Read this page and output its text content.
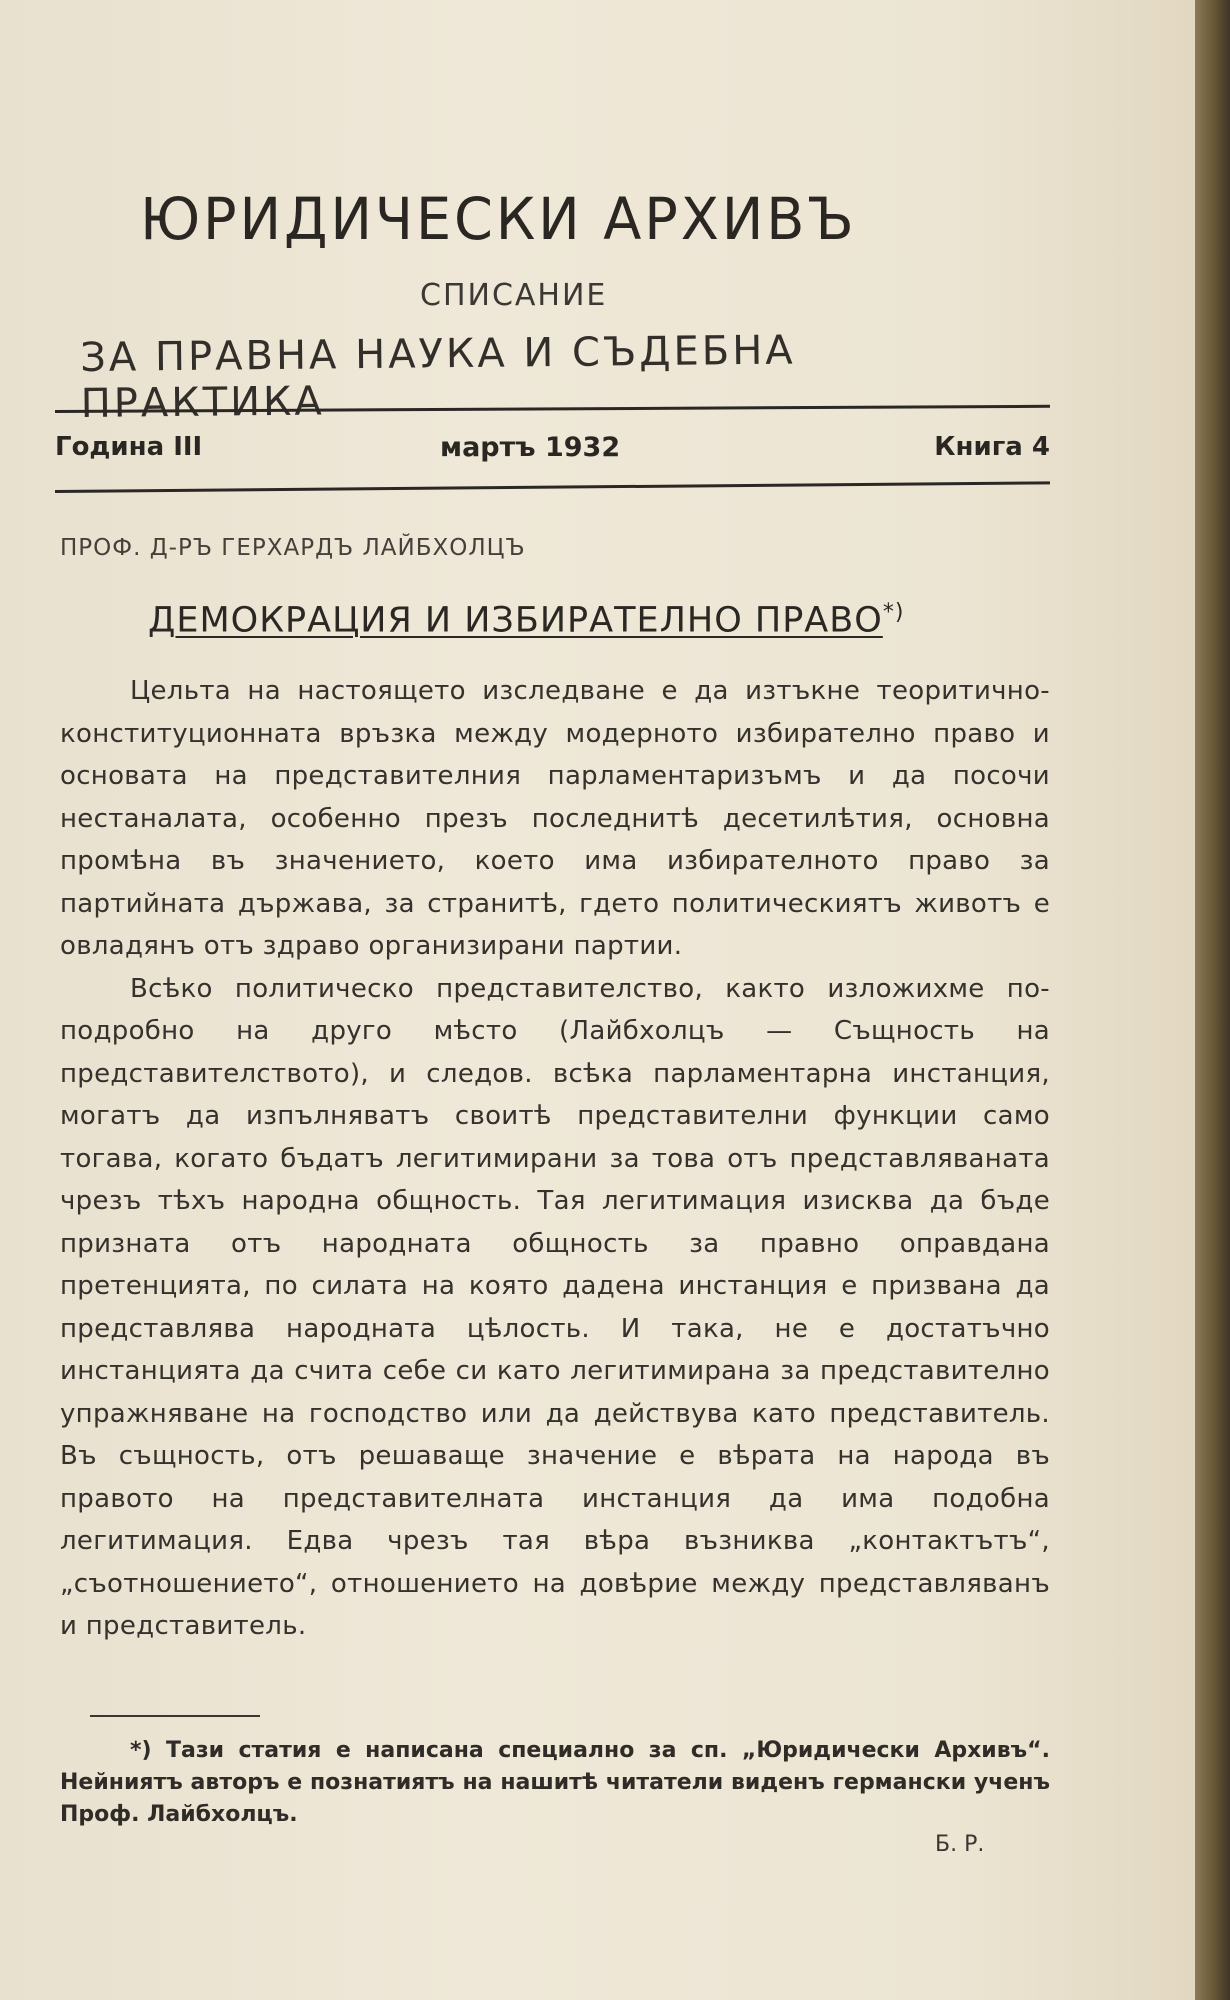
ЮРИДИЧЕСКИ АРХИВЪ
СПИСАНИЕ
ЗА ПРАВНА НАУКА И СЪДЕБНА ПРАКТИКА
Година III	мартъ 1932	Книга 4
ПРОФ. Д-РЪ ГЕРХАРДЪ ЛАЙБХОЛЦЪ
ДЕМОКРАЦИЯ И ИЗБИРАТЕЛНО ПРАВО*)

Цельта на настоящето изследване е да изтъкне теоритично-конституционната връзка между модерното избирателно право и основата на представителния парламентаризъмъ и да посочи нестаналата, особенно презъ последнитѣ десетилѣтия, основна промѣна въ значението, което има избирателното право за партийната държава, за странитѣ, гдето политическиятъ животъ е овладянъ отъ здраво организирани партии.

Всѣко политическо представителство, както изложихме по-подробно на друго мѣсто (Лайбхолцъ — Същность на представителството), и следов. всѣка парламентарна инстанция, могатъ да изпълняватъ своитѣ представителни функции само тогава, когато бъдатъ легитимирани за това отъ представляваната чрезъ тѣхъ народна общность. Тая легитимация изисква да бъде призната отъ народната общность за правно оправдана претенцията, по силата на която дадена инстанция е призвана да представлява народната цѣлость. И така, не е достатъчно инстанцията да счита себе си като легитимирана за представително упражняване на господство или да действува като представитель. Въ същность, отъ решаваще значение е вѣрата на народа въ правото на представителната инстанция да има подобна легитимация. Едва чрезъ тая вѣра възниква „контактътъ“, „съотношението“, отношението на довѣрие между представляванъ и представитель.

*) Тази статия е написана специално за сп. „Юридически Архивъ“. Нейниятъ авторъ е познатиятъ на нашитѣ читатели виденъ германски ученъ Проф. Лайбхолцъ.

Б. Р.
